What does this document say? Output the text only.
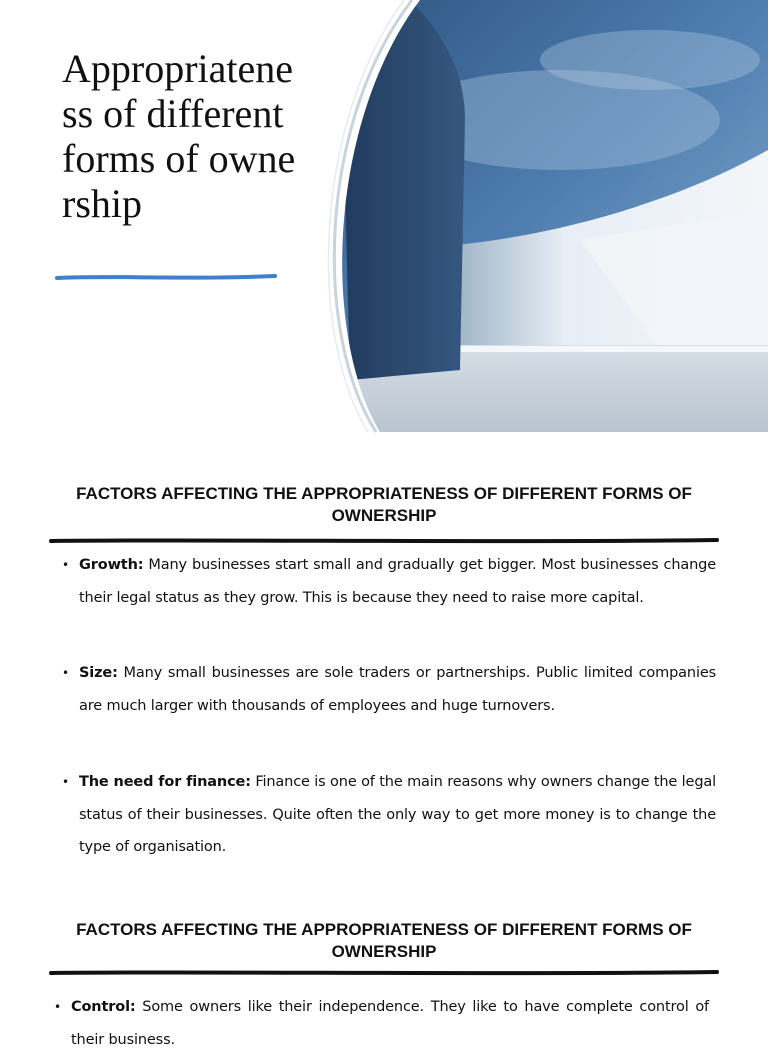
Appropriateness of different forms of ownership
FACTORS AFFECTING THE APPROPRIATENESS OF DIFFERENT FORMS OF OWNERSHIP
• Growth: Many businesses start small and gradually get bigger. Most businesses change their legal status as they grow. This is because they need to raise more capital.
• Size: Many small businesses are sole traders or partnerships. Public limited companies are much larger with thousands of employees and huge turnovers.
• The need for finance: Finance is one of the main reasons why owners change the legal status of their businesses. Quite often the only way to get more money is to change the type of organisation.
FACTORS AFFECTING THE APPROPRIATENESS OF DIFFERENT FORMS OF OWNERSHIP
• Control: Some owners like their independence. They like to have complete control of their business.
